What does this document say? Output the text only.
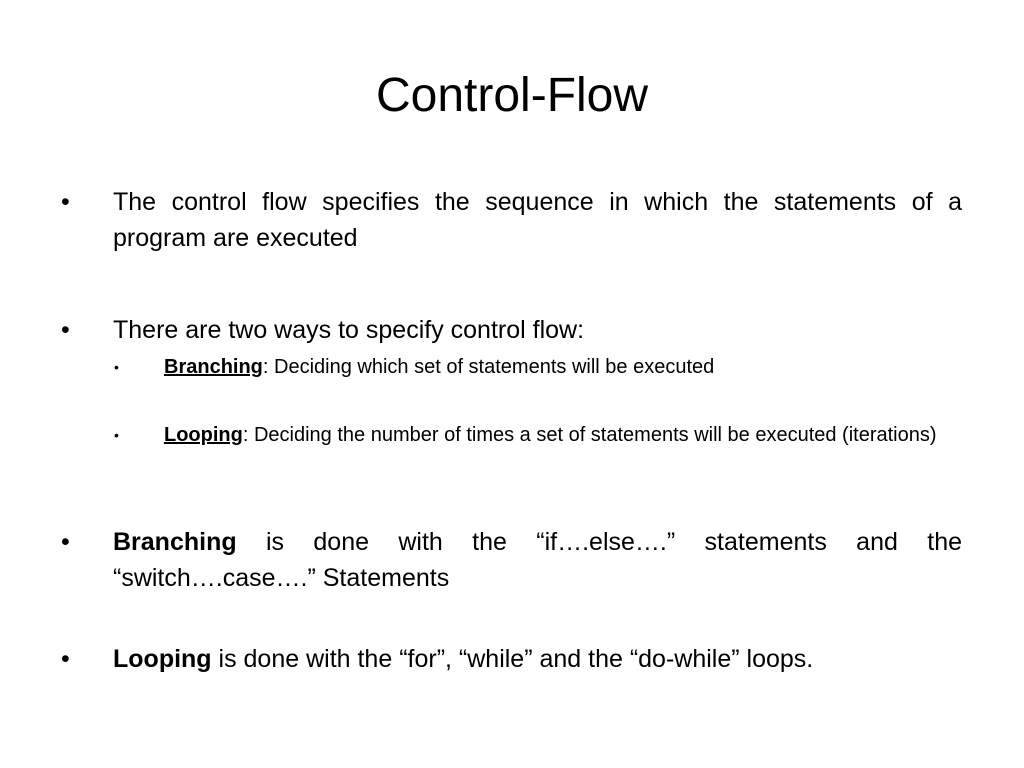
Control-Flow
• The control flow specifies the sequence in which the statements of a program are executed
• There are two ways to specify control flow:
• Branching: Deciding which set of statements will be executed
• Looping: Deciding the number of times a set of statements will be executed (iterations)
• Branching is done with the “if….else….” statements and the “switch….case….” Statements
• Looping is done with the “for”, “while” and the “do-while” loops.
